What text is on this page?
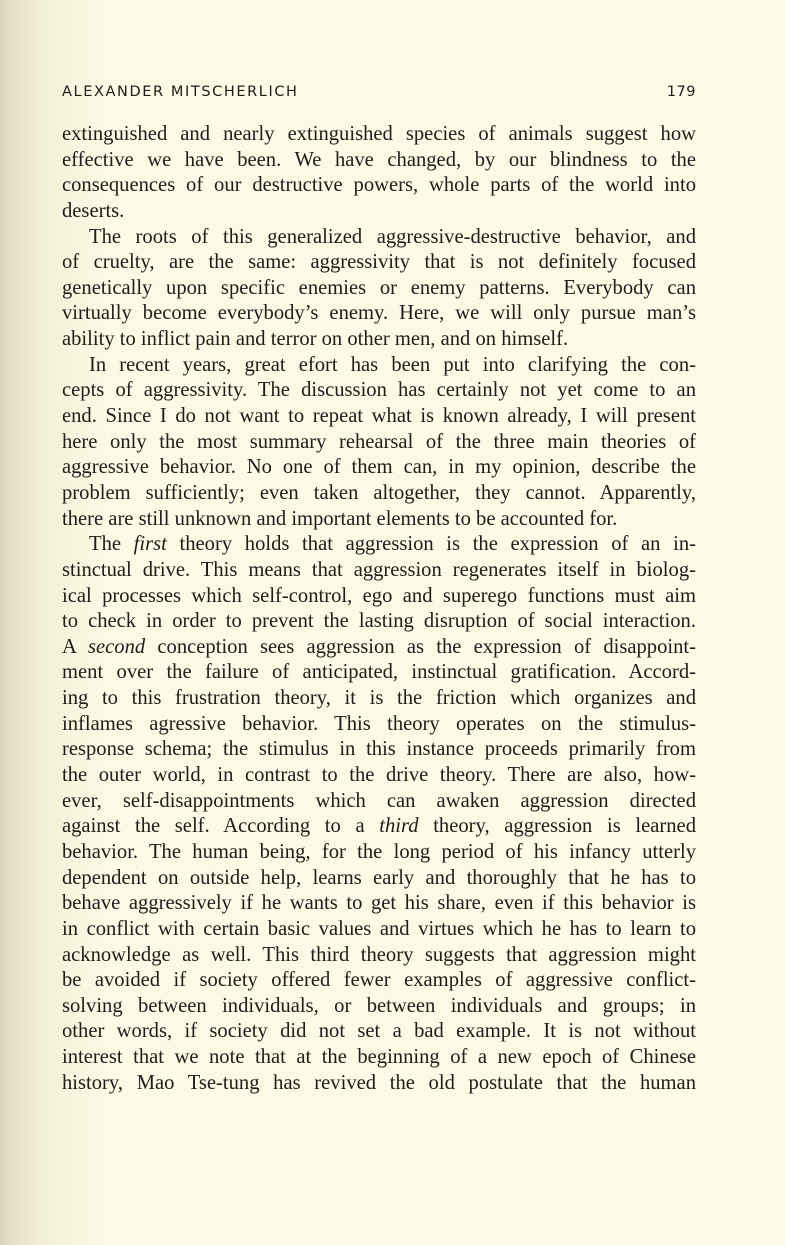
ALEXANDER MITSCHERLICH	179
extinguished and nearly extinguished species of animals suggest how
effective we have been. We have changed, by our blindness to the
consequences of our destructive powers, whole parts of the world into
deserts.
The roots of this generalized aggressive-destructive behavior, and
of cruelty, are the same: aggressivity that is not definitely focused
genetically upon specific enemies or enemy patterns. Everybody can
virtually become everybody’s enemy. Here, we will only pursue man’s
ability to inflict pain and terror on other men, and on himself.
In recent years, great efort has been put into clarifying the con-
cepts of aggressivity. The discussion has certainly not yet come to an
end. Since I do not want to repeat what is known already, I will present
here only the most summary rehearsal of the three main theories of
aggressive behavior. No one of them can, in my opinion, describe the
problem sufficiently; even taken altogether, they cannot. Apparently,
there are still unknown and important elements to be accounted for.
The first theory holds that aggression is the expression of an in-
stinctual drive. This means that aggression regenerates itself in biolog-
ical processes which self-control, ego and superego functions must aim
to check in order to prevent the lasting disruption of social interaction.
A second conception sees aggression as the expression of disappoint-
ment over the failure of anticipated, instinctual gratification. Accord-
ing to this frustration theory, it is the friction which organizes and
inflames agressive behavior. This theory operates on the stimulus-
response schema; the stimulus in this instance proceeds primarily from
the outer world, in contrast to the drive theory. There are also, how-
ever, self-disappointments which can awaken aggression directed
against the self. According to a third theory, aggression is learned
behavior. The human being, for the long period of his infancy utterly
dependent on outside help, learns early and thoroughly that he has to
behave aggressively if he wants to get his share, even if this behavior is
in conflict with certain basic values and virtues which he has to learn to
acknowledge as well. This third theory suggests that aggression might
be avoided if society offered fewer examples of aggressive conflict-
solving between individuals, or between individuals and groups; in
other words, if society did not set a bad example. It is not without
interest that we note that at the beginning of a new epoch of Chinese
history, Mao Tse-tung has revived the old postulate that the human
